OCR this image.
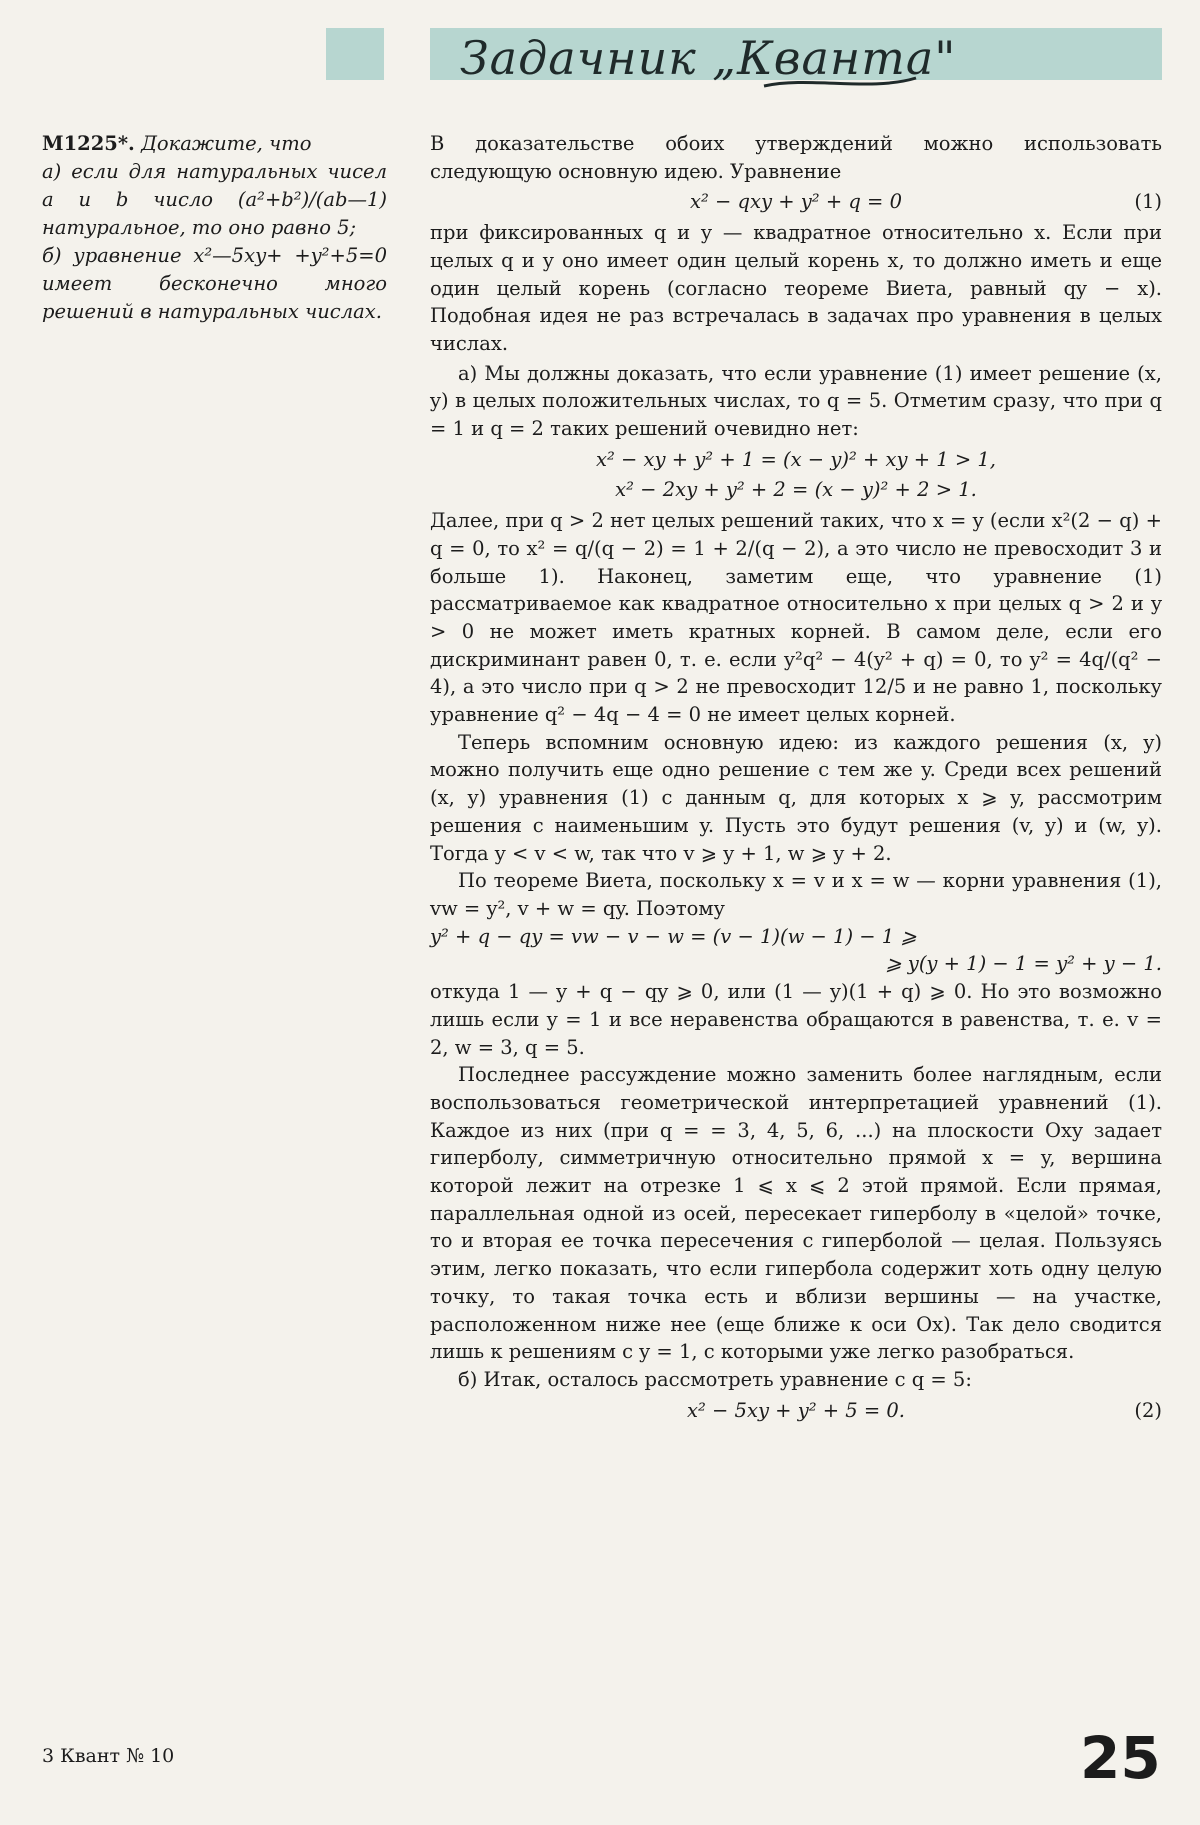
Задачник „Кванта"

М1225*. Докажите, что

а) если для натуральных чисел a и b число (a²+b²)/(ab—1) натуральное, то оно равно 5;

б) уравнение x²—5xy+ +y²+5=0 имеет бесконечно много решений в натуральных числах.

В доказательстве обоих утверждений можно использовать следующую основную идею. Уравнение

x² − qxy + y² + q = 0	(1)

при фиксированных q и y — квадратное относительно x. Если при целых q и y оно имеет один целый корень x, то должно иметь и еще один целый корень (согласно теореме Виета, равный qy − x). Подобная идея не раз встречалась в задачах про уравнения в целых числах.

а) Мы должны доказать, что если уравнение (1) имеет решение (x, y) в целых положительных числах, то q = 5. Отметим сразу, что при q = 1 и q = 2 таких решений очевидно нет:

x² − xy + y² + 1 = (x − y)² + xy + 1 > 1,
x² − 2xy + y² + 2 = (x − y)² + 2 > 1.

Далее, при q > 2 нет целых решений таких, что x = y (если x²(2 − q) + q = 0, то x² = q/(q − 2) = 1 + 2/(q − 2), а это число не превосходит 3 и больше 1). Наконец, заметим еще, что уравнение (1) рассматриваемое как квадратное относительно x при целых q > 2 и y > 0 не может иметь кратных корней. В самом деле, если его дискриминант равен 0, т. е. если y²q² − 4(y² + q) = 0, то y² = 4q/(q² − 4), а это число при q > 2 не превосходит 12/5 и не равно 1, поскольку уравнение q² − 4q − 4 = 0 не имеет целых корней.

Теперь вспомним основную идею: из каждого решения (x, y) можно получить еще одно решение с тем же y. Среди всех решений (x, y) уравнения (1) с данным q, для которых x ⩾ y, рассмотрим решения с наименьшим y. Пусть это будут решения (v, y) и (w, y). Тогда y < v < w, так что v ⩾ y + 1, w ⩾ y + 2.

По теореме Виета, поскольку x = v и x = w — корни уравнения (1), vw = y², v + w = qy. Поэтому

y² + q − qy = vw − v − w = (v − 1)(w − 1) − 1 ⩾
⩾ y(y + 1) − 1 = y² + y − 1.

откуда 1 — y + q − qy ⩾ 0, или (1 — y)(1 + q) ⩾ 0. Но это возможно лишь если y = 1 и все неравенства обращаются в равенства, т. е. v = 2, w = 3, q = 5.

Последнее рассуждение можно заменить более наглядным, если воспользоваться геометрической интерпретацией уравнений (1). Каждое из них (при q = = 3, 4, 5, 6, ...) на плоскости Oxy задает гиперболу, симметричную относительно прямой x = y, вершина которой лежит на отрезке 1 ⩽ x ⩽ 2 этой прямой. Если прямая, параллельная одной из осей, пересекает гиперболу в «целой» точке, то и вторая ее точка пересечения с гиперболой — целая. Пользуясь этим, легко показать, что если гипербола содержит хоть одну целую точку, то такая точка есть и вблизи вершины — на участке, расположенном ниже нее (еще ближе к оси Ox). Так дело сводится лишь к решениям с y = 1, с которыми уже легко разобраться.

б) Итак, осталось рассмотреть уравнение с q = 5:

x² − 5xy + y² + 5 = 0.	(2)
3 Квант № 10	25
